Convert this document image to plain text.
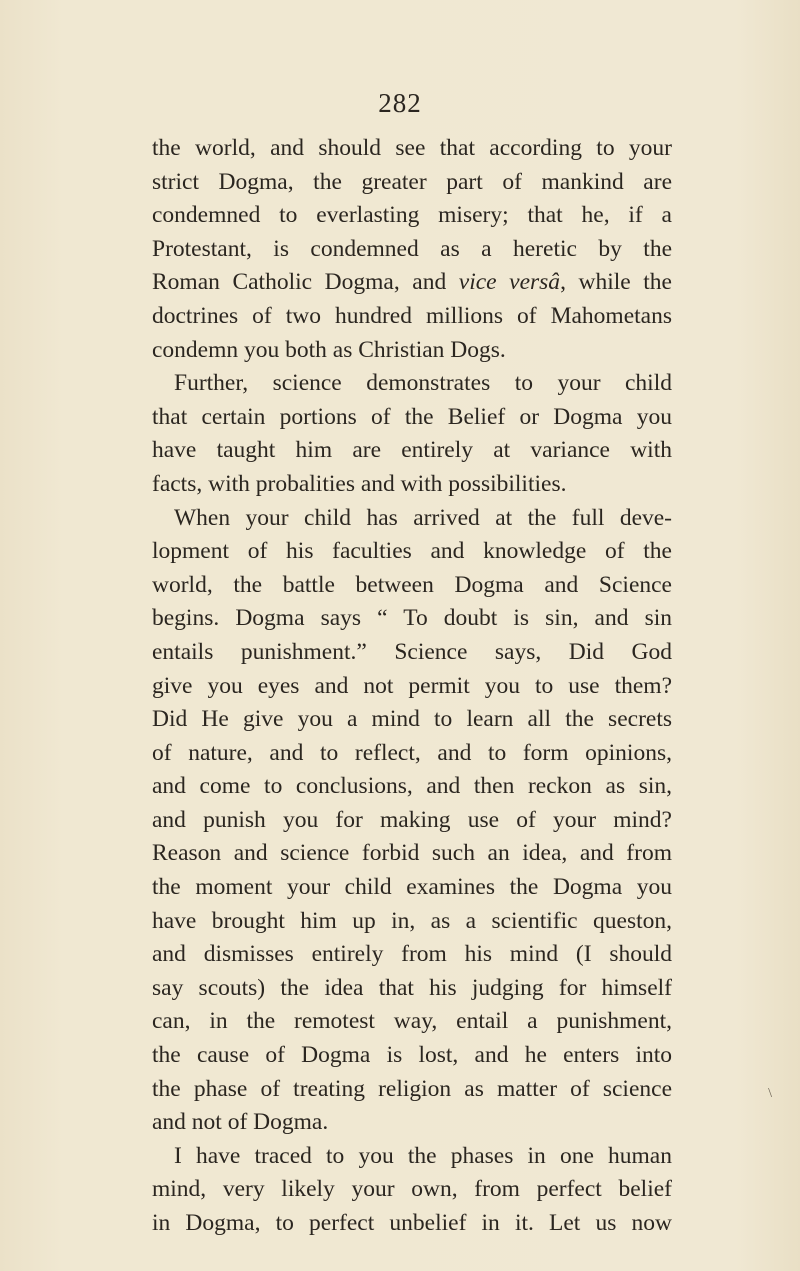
282
the world, and should see that according to your
strict Dogma, the greater part of mankind are
condemned to everlasting misery; that he, if a
Protestant, is condemned as a heretic by the
Roman Catholic Dogma, and vice versâ, while the
doctrines of two hundred millions of Mahometans
condemn you both as Christian Dogs.
Further, science demonstrates to your child
that certain portions of the Belief or Dogma you
have taught him are entirely at variance with
facts, with probalities and with possibilities.
When your child has arrived at the full deve-
lopment of his faculties and knowledge of the
world, the battle between Dogma and Science
begins. Dogma says “ To doubt is sin, and sin
entails punishment.” Science says, Did God
give you eyes and not permit you to use them?
Did He give you a mind to learn all the secrets
of nature, and to reflect, and to form opinions,
and come to conclusions, and then reckon as sin,
and punish you for making use of your mind?
Reason and science forbid such an idea, and from
the moment your child examines the Dogma you
have brought him up in, as a scientific queston,
and dismisses entirely from his mind (I should
say scouts) the idea that his judging for himself
can, in the remotest way, entail a punishment,
the cause of Dogma is lost, and he enters into
the phase of treating religion as matter of science
and not of Dogma.
I have traced to you the phases in one human
mind, very likely your own, from perfect belief
in Dogma, to perfect unbelief in it. Let us now
\
